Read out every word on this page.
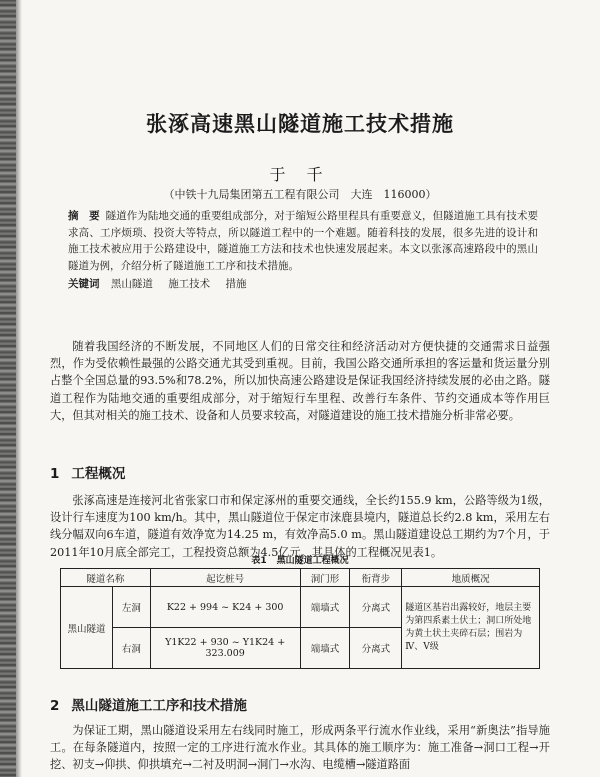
张涿高速黑山隧道施工技术措施
于 千
（中铁十九局集团第五工程有限公司　大连　116000）
摘　要 隧道作为陆地交通的重要组成部分，对于缩短公路里程具有重要意义，但隧道施工具有技术要求高、工序烦琐、投资大等特点，所以隧道工程中的一个难题。随着科技的发展，很多先进的设计和施工技术被应用于公路建设中，隧道施工方法和技术也快速发展起来。本文以张涿高速路段中的黑山隧道为例，介绍分析了隧道施工工序和技术措施。
关键词 黑山隧道 施工技术 措施
随着我国经济的不断发展，不同地区人们的日常交往和经济活动对方便快捷的交通需求日益强烈，作为受依赖性最强的公路交通尤其受到重视。目前，我国公路交通所承担的客运量和货运量分别占整个全国总量的93.5%和78.2%，所以加快高速公路建设是保证我国经济持续发展的必由之路。隧道工程作为陆地交通的重要组成部分，对于缩短行车里程、改善行车条件、节约交通成本等作用巨大，但其对相关的施工技术、设备和人员要求较高，对隧道建设的施工技术措施分析非常必要。
1 工程概况
张涿高速是连接河北省张家口市和保定涿州的重要交通线，全长约155.9 km，公路等级为1级，设计行车速度为100 km/h。其中，黑山隧道位于保定市涞鹿县境内，隧道总长约2.8 km，采用左右线分幅双向6车道，隧道有效净宽为14.25 m，有效净高5.0 m。黑山隧道建设总工期约为7个月，于2011年10月底全部完工，工程投资总额为4.5亿元。其具体的工程概况见表1。
表1 黑山隧道工程概况
隧道名称		起讫桩号	洞门形	衔背步	地质概况
黑山隧道	左洞	K22 + 994 ~ K24 + 300	端墙式	分离式	隧道区基岩出露较好，地层主要为第四系素土伏土；洞口所处地为黄土状土夹碎石层；围岩为Ⅳ、Ⅴ级
	右洞	Y1K22 + 930 ~ Y1K24 + 323.009	端墙式	分离式	
2 黑山隧道施工工序和技术措施
为保证工期，黑山隧道设采用左右线同时施工，形成两条平行流水作业线，采用“新奥法”指导施工。在每条隧道内，按照一定的工序进行流水作业。其具体的施工顺序为：施工准备→洞口工程→开挖、初支→仰拱、仰拱填充→二衬及明洞→洞门→水沟、电缆槽→隧道路面
